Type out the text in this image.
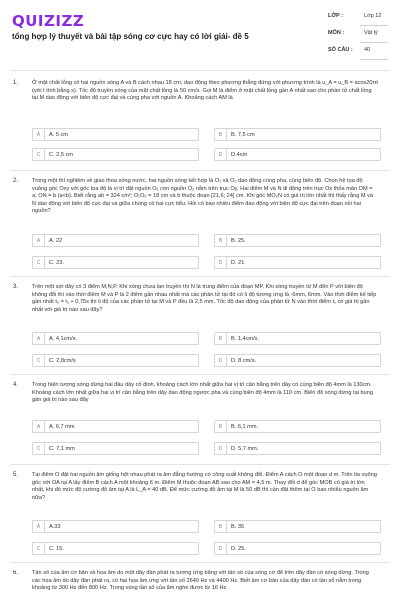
QUIZIZZ
tổng hợp lý thuyết và bài tập sóng cơ cực hay có lời giải- đề 5
LỚP :	Lớp 12
MÔN :	Vật lý
SỐ CÂU : 40
1. Ở mặt chất lỏng có hai nguồn sóng A và B cách nhau 18 cm, dao động theo phương thẳng đứng với phương trình là u_A = u_B = acos20πt (với t tính bằng s). Tốc độ truyền sóng của mặt chất lỏng là 50 cm/s. Gọi M là điểm ở mặt chất lỏng gần A nhất sao cho phần tử chất lỏng tại M dao động với biên độ cực đại và cùng pha với nguồn A. Khoảng cách AM là
A	A. 5 cm	B	B. 7,5 cm
C	C. 2,5 cm	D	D.4cm
2. Trong một thí nghiệm về giao thoa sóng nước, hai nguồn sóng kết hợp là O₁ và O₂ dao động cùng pha, cùng biên độ. Chọn hệ tọa độ vuông góc Oxy với gốc tọa độ là vị trí đặt nguồn O₁ còn nguồn O₂ nằm trên trục Oy. Hai điểm M và N di động trên trục Ox thỏa mãn OM = a; ON = b (a<b). Biết rằng ab = 324 cm²; O₁O₂ = 18 cm và b thuộc đoạn [21,6; 24] cm. Khi góc MO₂N có giá trị lớn nhất thì thấy rằng M và N dao động với biên độ cực đại và giữa chúng có hai cực tiểu. Hỏi có bao nhiêu điểm dao động với biên độ cực đại trên đoạn nối hai nguồn?
A	A. 22	B	B. 25.
C	C. 23.	D	D. 21
3. Trên một sợi dây có 3 điểm M,N,P. Khi sóng chưa lan truyền thì N là trung điểm của đoạn MP. Khi sóng truyền từ M đến P với biên độ không đổi thì vào thời điểm M và P là 2 điểm gần nhau nhất mà các phần tử tại đó có li độ tương ứng là -6mm, 6mm. Vào thời điểm kế tiếp gần nhất t₂ = t₁ + 0,75s thì li độ của các phần tử tại M và P đều là 2,5 mm. Tốc độ dao động của phần tử N vào thời điểm t₁ có giá trị gần nhất với giá trị nào sau đây?
A	A. 4,1cm/s.	B	B. 1,4cm/s.
C	C. 2,8cm/s	D	D. 8 cm/s.
4. Trong hiện tượng sóng dừng hai đầu dây cố định, khoảng cách lớn nhất giữa hai vị trí cân bằng trên dây có cùng biên độ 4mm là 130cm. Khoảng cách lớn nhất giữa hai vị trí cân bằng trên dây dao động ngược pha và cùng biên độ 4mm là 110 cm. Biên độ sóng dừng tại bụng gần giá trị nào sau đây
A	A. 6,7 mm	B	B. 6,1 mm.
C	C. 7,1 mm	D	D. 5,7 mm.
5. Tại điểm O đặt hai nguồn âm giống hệt nhau phát ra âm đẳng hướng có công suất không đổi. Điểm A cách O một đoạn d m. Trên tia vuông góc với OA tại A lấy điểm B cách A một khoảng 6 m. Điểm M thuộc đoạn AB sao cho AM = 4,5 m. Thay đổi d để góc MOB có giá trị lớn nhất, khi đó mức độ cường độ âm tại A là L_A = 40 dB. Để mức cường độ âm tại M là 50 dB thì cần đặt thêm tại O bao nhiêu nguồn âm nữa?
A	A.33	B	B. 35
C	C. 15.	D	D. 25.
6. Tần số của âm cơ bản và họa âm do một dây đàn phát ra tương ứng bằng với tần số của sóng cơ để trên dây đàn có sóng dừng. Trong các họa âm do dây đàn phát ra, có hai họa âm ứng với tần số 2640 Hz và 4400 Hz. Biết âm cơ bản của dây đàn có tần số nằm trong khoảng từ 300 Hz đến 800 Hz. Trong vùng tần số của âm nghe được từ 16 Hz
